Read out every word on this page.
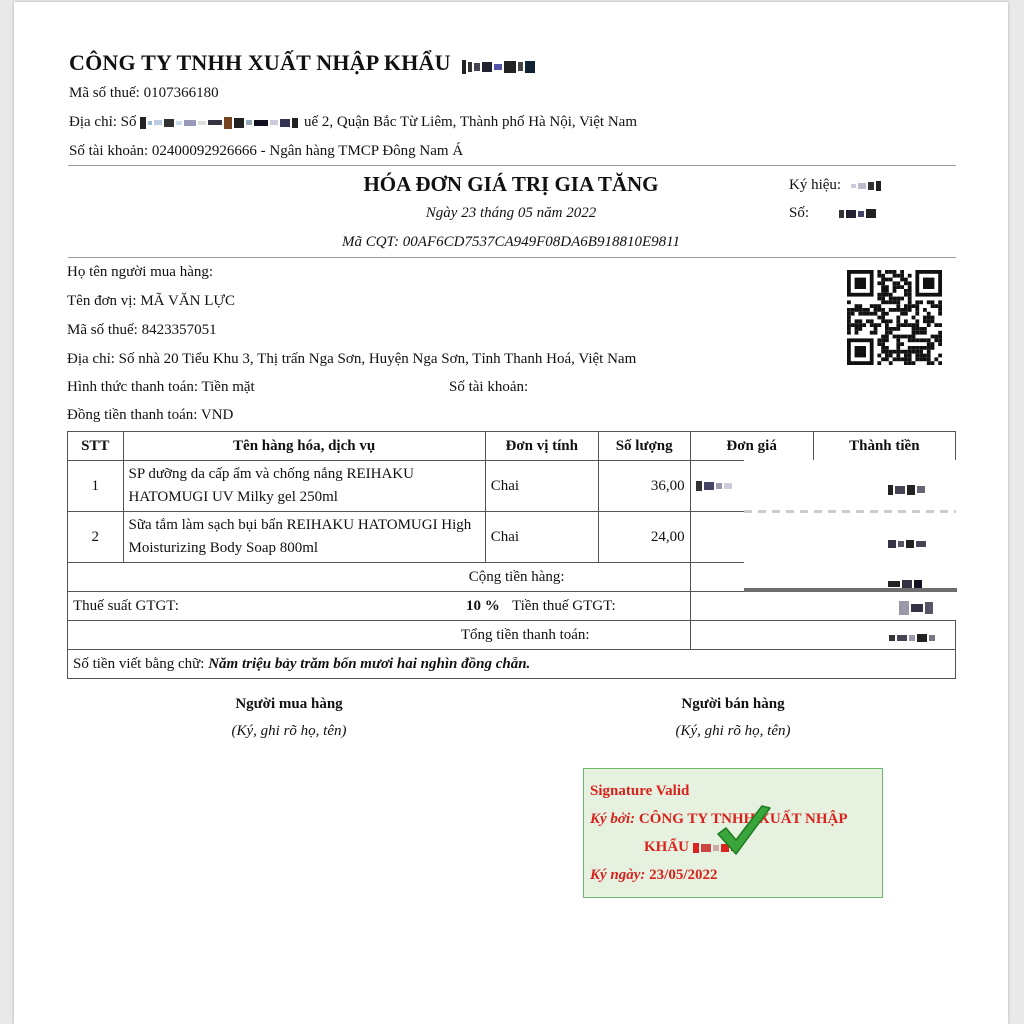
CÔNG TY TNHH XUẤT NHẬP KHẨU
Mã số thuế: 0107366180
Địa chỉ: Số	uế 2, Quận Bắc Từ Liêm, Thành phố Hà Nội, Việt Nam
Số tài khoản: 02400092926666 - Ngân hàng TMCP Đông Nam Á
HÓA ĐƠN GIÁ TRỊ GIA TĂNG
Ngày 23 tháng 05 năm 2022
Mã CQT: 00AF6CD7537CA949F08DA6B918810E9811
Ký hiệu:
Số:
Họ tên người mua hàng:
Tên đơn vị: MÃ VĂN LỰC
Mã số thuế: 8423357051
Địa chỉ: Số nhà 20 Tiểu Khu 3, Thị trấn Nga Sơn, Huyện Nga Sơn, Tỉnh Thanh Hoá, Việt Nam
Hình thức thanh toán: Tiền mặt	Số tài khoản:
Đồng tiền thanh toán: VND
STT	Tên hàng hóa, dịch vụ	Đơn vị tính	Số lượng	Đơn giá	Thành tiền
1	SP dưỡng da cấp ẩm và chống nắng REIHAKU HATOMUGI UV Milky gel 250ml	Chai	36,00		
2	Sữa tắm làm sạch bụi bẩn REIHAKU HATOMUGI High Moisturizing Body Soap 800ml	Chai	24,00		
Cộng tiền hàng:					
Thuế suất GTGT: 10 % Tiền thuế GTGT:					

Tổng tiền thanh toán:					
Số tiền viết bằng chữ: Năm triệu bảy trăm bốn mươi hai nghìn đồng chẵn.					
Người mua hàng
(Ký, ghi rõ họ, tên)
Người bán hàng
(Ký, ghi rõ họ, tên)
Signature Valid
Ký bởi: CÔNG TY TNHH XUẤT NHẬP
KHẨU
Ký ngày: 23/05/2022
